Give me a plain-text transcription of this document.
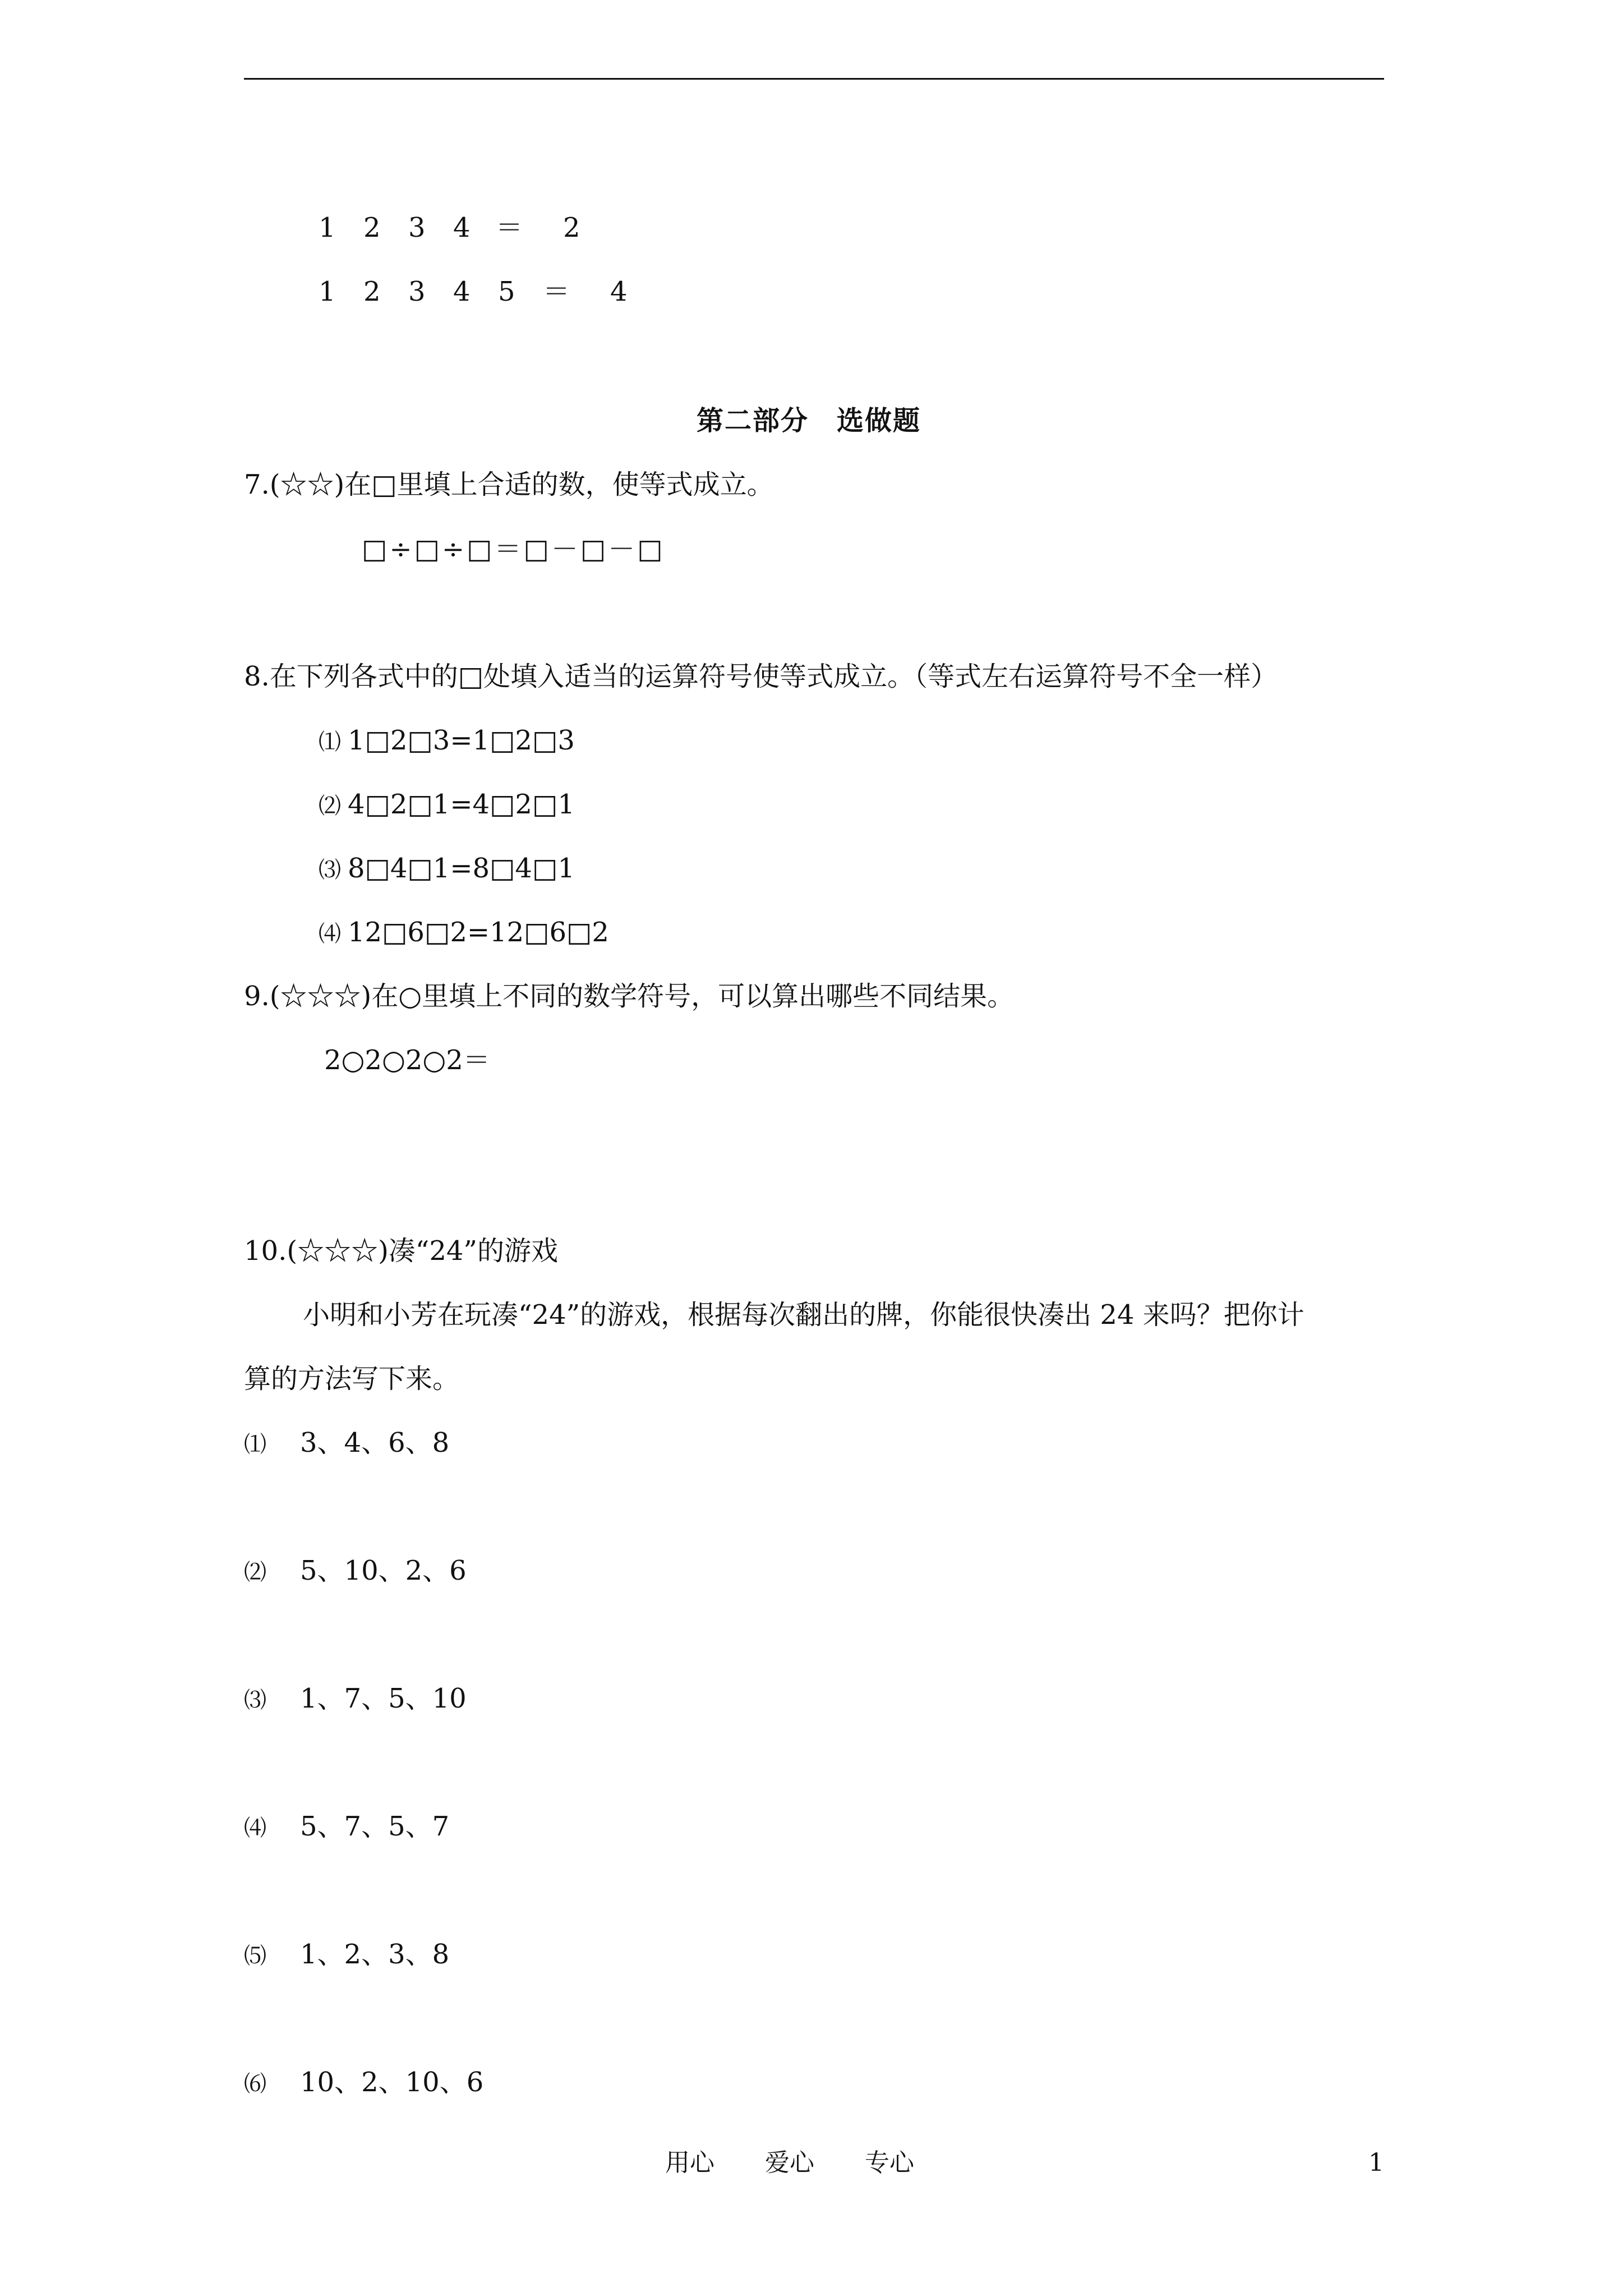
1 2 3 4 ＝ 2
1 2 3 4 5 ＝ 4
第二部分　选做题
7.(☆☆)在□里填上合适的数，使等式成立。
□÷□÷□＝□－□－□
8.在下列各式中的□处填入适当的运算符号使等式成立。（等式左右运算符号不全一样）
⑴ 1□2□3=1□2□3
⑵ 4□2□1=4□2□1
⑶ 8□4□1=8□4□1
⑷ 12□6□2=12□6□2
9.(☆☆☆)在○里填上不同的数学符号，可以算出哪些不同结果。
2○2○2○2＝
10.(☆☆☆)凑“24”的游戏
小明和小芳在玩凑“24”的游戏，根据每次翻出的牌，你能很快凑出 24 来吗？把你计
算的方法写下来。
⑴ 3、4、6、8
⑵ 5、10、2、6
⑶ 1、7、5、10
⑷ 5、7、5、7
⑸ 1、2、3、8
⑹ 10、2、10、6
用心 爱心 专心	1
